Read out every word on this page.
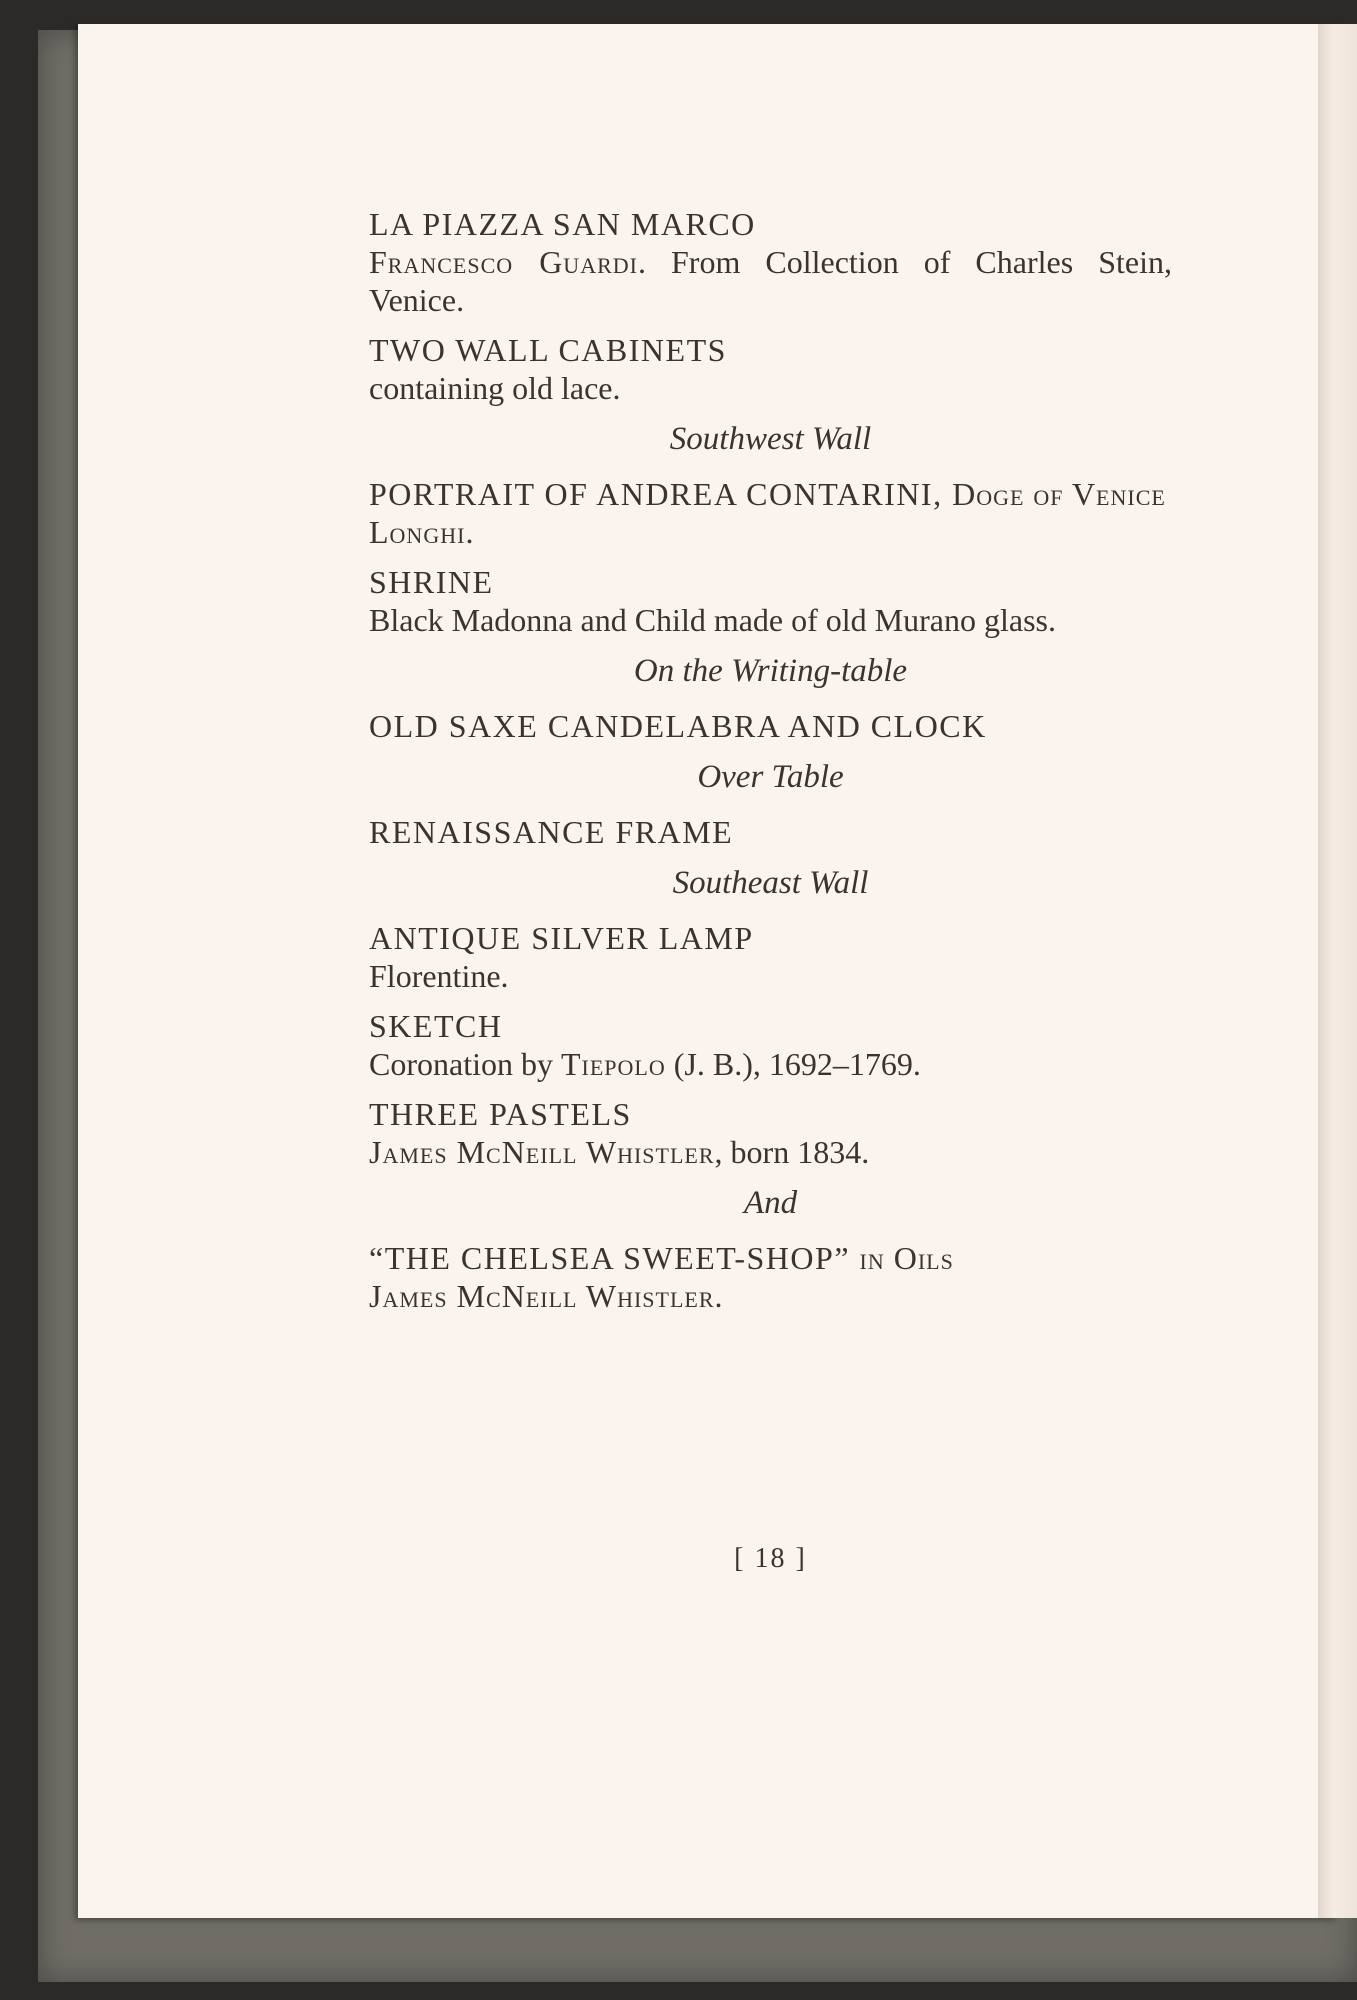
LA PIAZZA SAN MARCO
Francesco Guardi. From Collection of Charles Stein, Venice.
TWO WALL CABINETS
containing old lace.
Southwest Wall
PORTRAIT OF ANDREA CONTARINI, Doge of Venice
Longhi.
SHRINE
Black Madonna and Child made of old Murano glass.
On the Writing-table
OLD SAXE CANDELABRA AND CLOCK
Over Table
RENAISSANCE FRAME
Southeast Wall
ANTIQUE SILVER LAMP
Florentine.
SKETCH
Coronation by Tiepolo (J. B.), 1692–1769.
THREE PASTELS
James McNeill Whistler, born 1834.
And
“THE CHELSEA SWEET-SHOP” in Oils
James McNeill Whistler.
[ 18 ]
